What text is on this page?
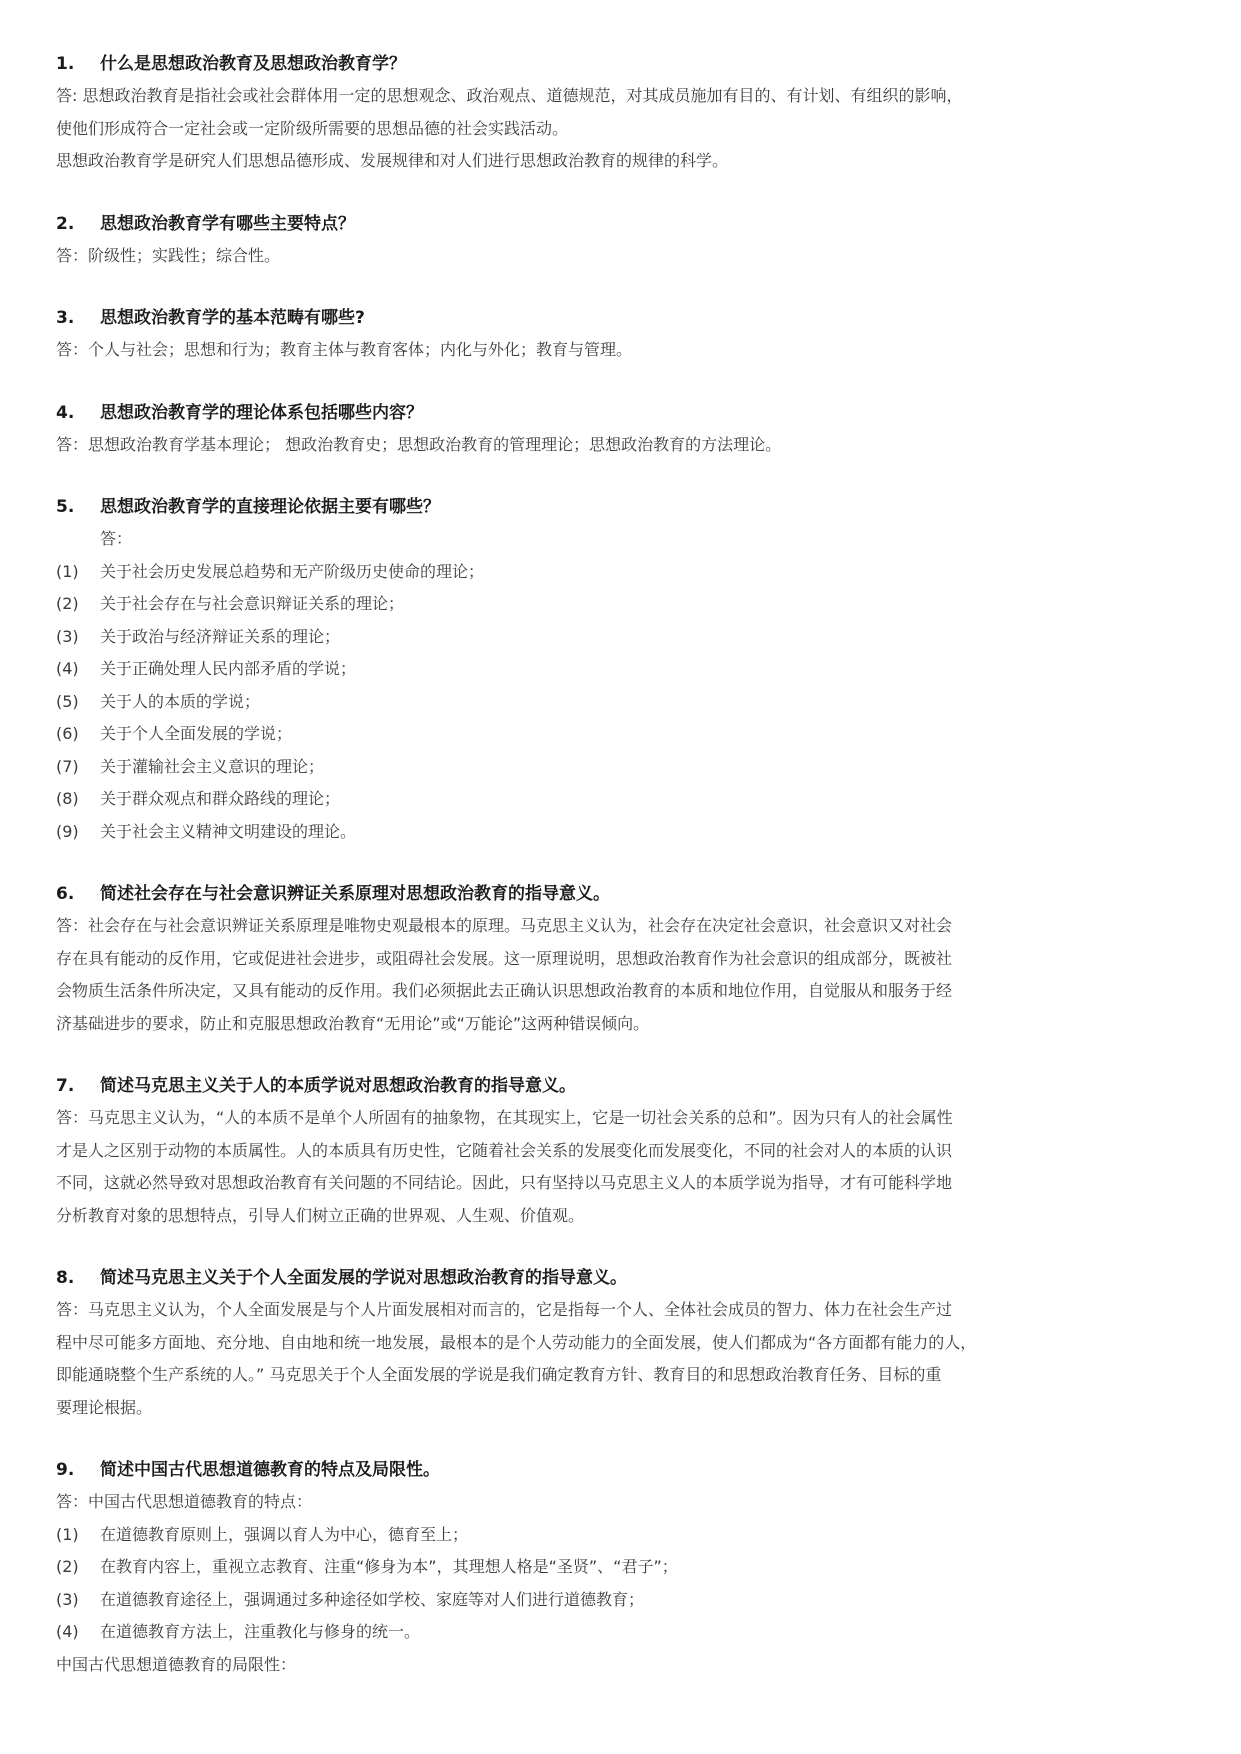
1.	什么是思想政治教育及思想政治教育学？
答: 思想政治教育是指社会或社会群体用一定的思想观念、政治观点、道德规范，对其成员施加有目的、有计划、有组织的影响，
使他们形成符合一定社会或一定阶级所需要的思想品德的社会实践活动。
思想政治教育学是研究人们思想品德形成、发展规律和对人们进行思想政治教育的规律的科学。
2.	思想政治教育学有哪些主要特点？
答：阶级性；实践性；综合性。
3.	思想政治教育学的基本范畴有哪些?
答：个人与社会；思想和行为；教育主体与教育客体；内化与外化；教育与管理。
4.	思想政治教育学的理论体系包括哪些内容？
答：思想政治教育学基本理论； 想政治教育史；思想政治教育的管理理论；思想政治教育的方法理论。
5.	思想政治教育学的直接理论依据主要有哪些？
答：
(1)	关于社会历史发展总趋势和无产阶级历史使命的理论；
(2)	关于社会存在与社会意识辩证关系的理论；
(3)	关于政治与经济辩证关系的理论；
(4)	关于正确处理人民内部矛盾的学说；
(5)	关于人的本质的学说；
(6)	关于个人全面发展的学说；
(7)	关于灌输社会主义意识的理论；
(8)	关于群众观点和群众路线的理论；
(9)	关于社会主义精神文明建设的理论。
6.	简述社会存在与社会意识辨证关系原理对思想政治教育的指导意义。
答：社会存在与社会意识辨证关系原理是唯物史观最根本的原理。马克思主义认为，社会存在决定社会意识，社会意识又对社会
存在具有能动的反作用，它或促进社会进步，或阻碍社会发展。这一原理说明，思想政治教育作为社会意识的组成部分，既被社
会物质生活条件所决定，又具有能动的反作用。我们必须据此去正确认识思想政治教育的本质和地位作用，自觉服从和服务于经
济基础进步的要求，防止和克服思想政治教育“无用论”或“万能论”这两种错误倾向。
7.	简述马克思主义关于人的本质学说对思想政治教育的指导意义。
答：马克思主义认为，“人的本质不是单个人所固有的抽象物，在其现实上，它是一切社会关系的总和”。因为只有人的社会属性
才是人之区别于动物的本质属性。人的本质具有历史性，它随着社会关系的发展变化而发展变化，不同的社会对人的本质的认识
不同，这就必然导致对思想政治教育有关问题的不同结论。因此，只有坚持以马克思主义人的本质学说为指导，才有可能科学地
分析教育对象的思想特点，引导人们树立正确的世界观、人生观、价值观。
8.	简述马克思主义关于个人全面发展的学说对思想政治教育的指导意义。
答：马克思主义认为，个人全面发展是与个人片面发展相对而言的，它是指每一个人、全体社会成员的智力、体力在社会生产过
程中尽可能多方面地、充分地、自由地和统一地发展，最根本的是个人劳动能力的全面发展，使人们都成为“各方面都有能力的人，
即能通晓整个生产系统的人。” 马克思关于个人全面发展的学说是我们确定教育方针、教育目的和思想政治教育任务、目标的重
要理论根据。
9.	简述中国古代思想道德教育的特点及局限性。
答：中国古代思想道德教育的特点：
(1)	在道德教育原则上，强调以育人为中心，德育至上；
(2)	在教育内容上，重视立志教育、注重“修身为本”，其理想人格是“圣贤”、“君子”；
(3)	在道德教育途径上，强调通过多种途径如学校、家庭等对人们进行道德教育；
(4)	在道德教育方法上，注重教化与修身的统一。
中国古代思想道德教育的局限性：
